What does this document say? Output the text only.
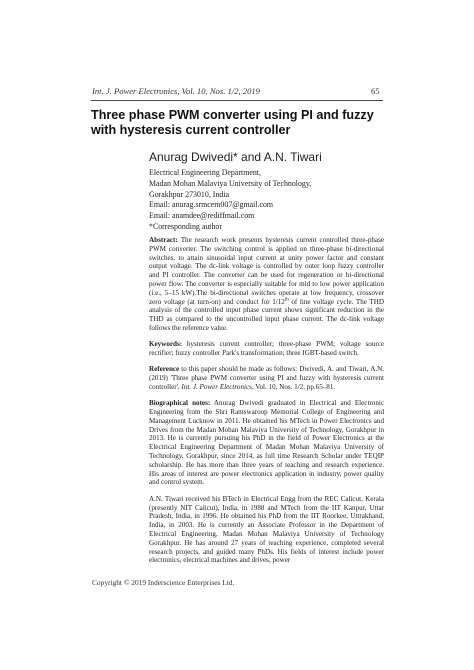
Int. J. Power Electronics, Vol. 10, Nos. 1/2, 2019	65
Three phase PWM converter using PI and fuzzy with hysteresis current controller
Anurag Dwivedi* and A.N. Tiwari
Electrical Engineering Department,
Madan Mohan Malaviya University of Technology,
Gorakhpur 273010, India
Email: anurag.srmcem007@gmail.com
Email: anamdee@rediffmail.com
*Corresponding author

Abstract: The research work presents hysteresis current controlled three-phase PWM converter. The switching control is applied on three-phase bi-directional switches, to attain sinusoidal input current at unity power factor and constant output voltage. The dc-link voltage is controlled by outer loop fuzzy controller and PI controller. The converter can be used for regeneration or bi-directional power flow. The converter is especially suitable for mid to low power application (i.e., 5–15 kW).The bi-directional switches operate at low frequency, crossover zero voltage (at turn-on) and conduct for 1/12th of line voltage cycle. The THD analysis of the controlled input phase current shows significant reduction in the THD as compared to the uncontrolled input phase current. The dc-link voltage follows the reference value.

Keywords: hysteresis current controller; three-phase PWM; voltage source rectifier; fuzzy controller Park's transformation; three IGBT-based switch.

Reference to this paper should be made as follows: Dwivedi, A. and Tiwari, A.N. (2019) 'Three phase PWM converter using PI and fuzzy with hysteresis current controller', Int. J. Power Electronics, Vol. 10, Nos. 1/2, pp.65–81.

Biographical notes: Anurag Dwivedi graduated in Electrical and Electronic Engineering from the Shri Ramswaroop Memorial College of Engineering and Management Lucknow in 2011. He obtained his MTech in Power Electronics and Drives from the Madan Mohan Malaviya University of Technology, Gorakhpur in 2013. He is currently pursuing his PhD in the field of Power Electronics at the Electrical Engineering Department of Madan Mohan Malaviya University of Technology, Gorakhpur, since 2014, as full time Research Scholar under TEQIP scholarship. He has more than three years of teaching and research experience. His areas of interest are power electronics application in industry, power quality and control system.

A.N. Tiwari received his BTech in Electrical Engg from the REC Calicut, Kerala (presently NIT Calicut), India, in 1988 and MTech from the IIT Kanpur, Uttar Pradesh, India, in 1996. He obtained his PhD from the IIT Roorkee, Uttrakhand, India, in 2003. He is currently an Associate Professor in the Department of Electrical Engineering, Madan Mohan Malaviya University of Technology Gorakhpur. He has around 27 years of teaching experience, completed several research projects, and guided many PhDs. His fields of interest include power electronics, electrical machines and drives, power

Copyright © 2019 Inderscience Enterprises Ltd.
